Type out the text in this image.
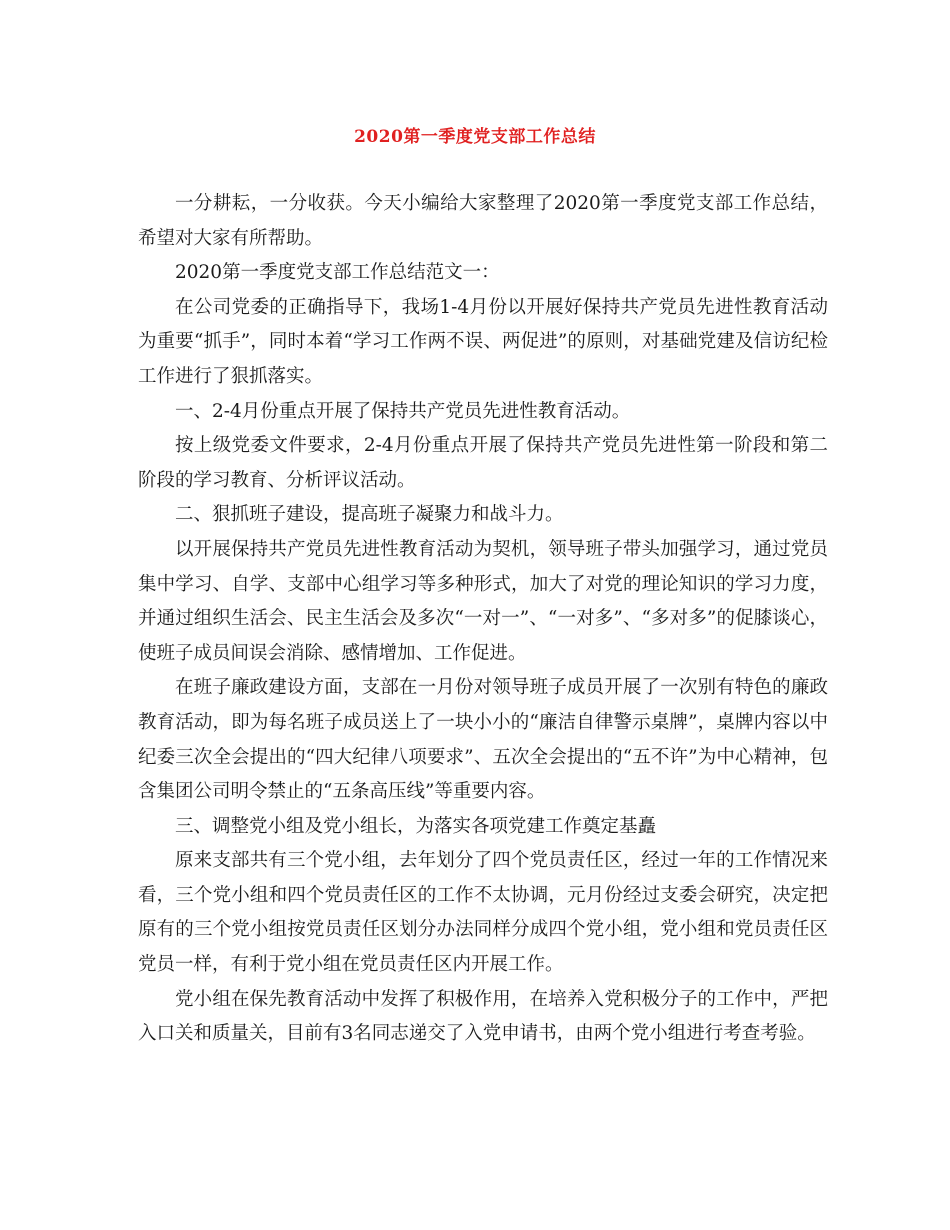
2020第一季度党支部工作总结

一分耕耘，一分收获。今天小编给大家整理了2020第一季度党支部工作总结，希望对大家有所帮助。

2020第一季度党支部工作总结范文一：

在公司党委的正确指导下，我场1-4月份以开展好保持共产党员先进性教育活动为重要“抓手”，同时本着“学习工作两不误、两促进”的原则，对基础党建及信访纪检工作进行了狠抓落实。

一、2-4月份重点开展了保持共产党员先进性教育活动。

按上级党委文件要求，2-4月份重点开展了保持共产党员先进性第一阶段和第二阶段的学习教育、分析评议活动。

二、狠抓班子建设，提高班子凝聚力和战斗力。

以开展保持共产党员先进性教育活动为契机，领导班子带头加强学习，通过党员集中学习、自学、支部中心组学习等多种形式，加大了对党的理论知识的学习力度，并通过组织生活会、民主生活会及多次“一对一”、“一对多”、“多对多”的促膝谈心，使班子成员间误会消除、感情增加、工作促进。

在班子廉政建设方面，支部在一月份对领导班子成员开展了一次别有特色的廉政教育活动，即为每名班子成员送上了一块小小的“廉洁自律警示桌牌”，桌牌内容以中纪委三次全会提出的“四大纪律八项要求”、五次全会提出的“五不许”为中心精神，包含集团公司明令禁止的“五条高压线”等重要内容。

三、调整党小组及党小组长，为落实各项党建工作奠定基矗

原来支部共有三个党小组，去年划分了四个党员责任区，经过一年的工作情况来看，三个党小组和四个党员责任区的工作不太协调，元月份经过支委会研究，决定把原有的三个党小组按党员责任区划分办法同样分成四个党小组，党小组和党员责任区党员一样，有利于党小组在党员责任区内开展工作。

党小组在保先教育活动中发挥了积极作用，在培养入党积极分子的工作中，严把入口关和质量关，目前有3名同志递交了入党申请书，由两个党小组进行考查考验。
